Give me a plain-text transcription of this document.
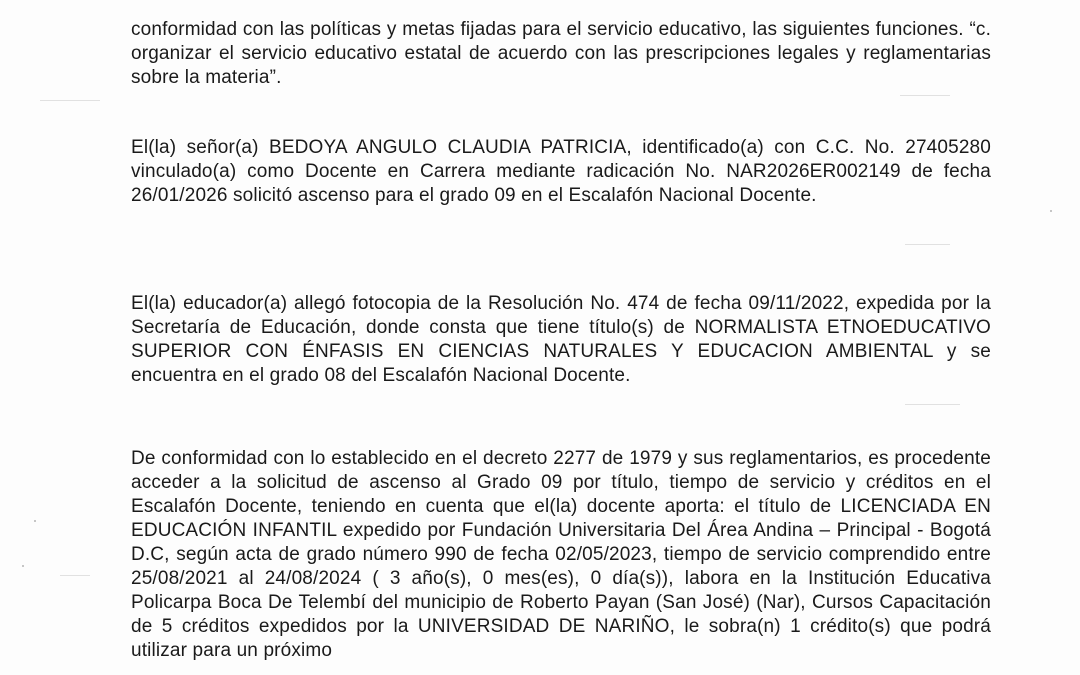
conformidad con las políticas y metas fijadas para el servicio educativo, las siguientes funciones. “c. organizar el servicio educativo estatal de acuerdo con las prescripciones legales y reglamentarias sobre la materia”.

El(la) señor(a) BEDOYA ANGULO CLAUDIA PATRICIA, identificado(a) con C.C. No. 27405280 vinculado(a) como Docente en Carrera mediante radicación No. NAR2026ER002149 de fecha 26/01/2026 solicitó ascenso para el grado 09 en el Escalafón Nacional Docente.

El(la) educador(a) allegó fotocopia de la Resolución No. 474 de fecha 09/11/2022, expedida por la Secretaría de Educación, donde consta que tiene título(s) de NORMALISTA ETNOEDUCATIVO SUPERIOR CON ÉNFASIS EN CIENCIAS NATURALES Y EDUCACION AMBIENTAL y se encuentra en el grado 08 del Escalafón Nacional Docente.

De conformidad con lo establecido en el decreto 2277 de 1979 y sus reglamentarios, es procedente acceder a la solicitud de ascenso al Grado 09 por título, tiempo de servicio y créditos en el Escalafón Docente, teniendo en cuenta que el(la) docente aporta: el título de LICENCIADA EN EDUCACIÓN INFANTIL expedido por Fundación Universitaria Del Área Andina – Principal - Bogotá D.C, según acta de grado número 990 de fecha 02/05/2023, tiempo de servicio comprendido entre 25/08/2021 al 24/08/2024 ( 3 año(s), 0 mes(es), 0 día(s)), labora en la Institución Educativa Policarpa Boca De Telembí del municipio de Roberto Payan (San José) (Nar), Cursos Capacitación de 5 créditos expedidos por la UNIVERSIDAD DE NARIÑO, le sobra(n) 1 crédito(s) que podrá utilizar para un próximo
